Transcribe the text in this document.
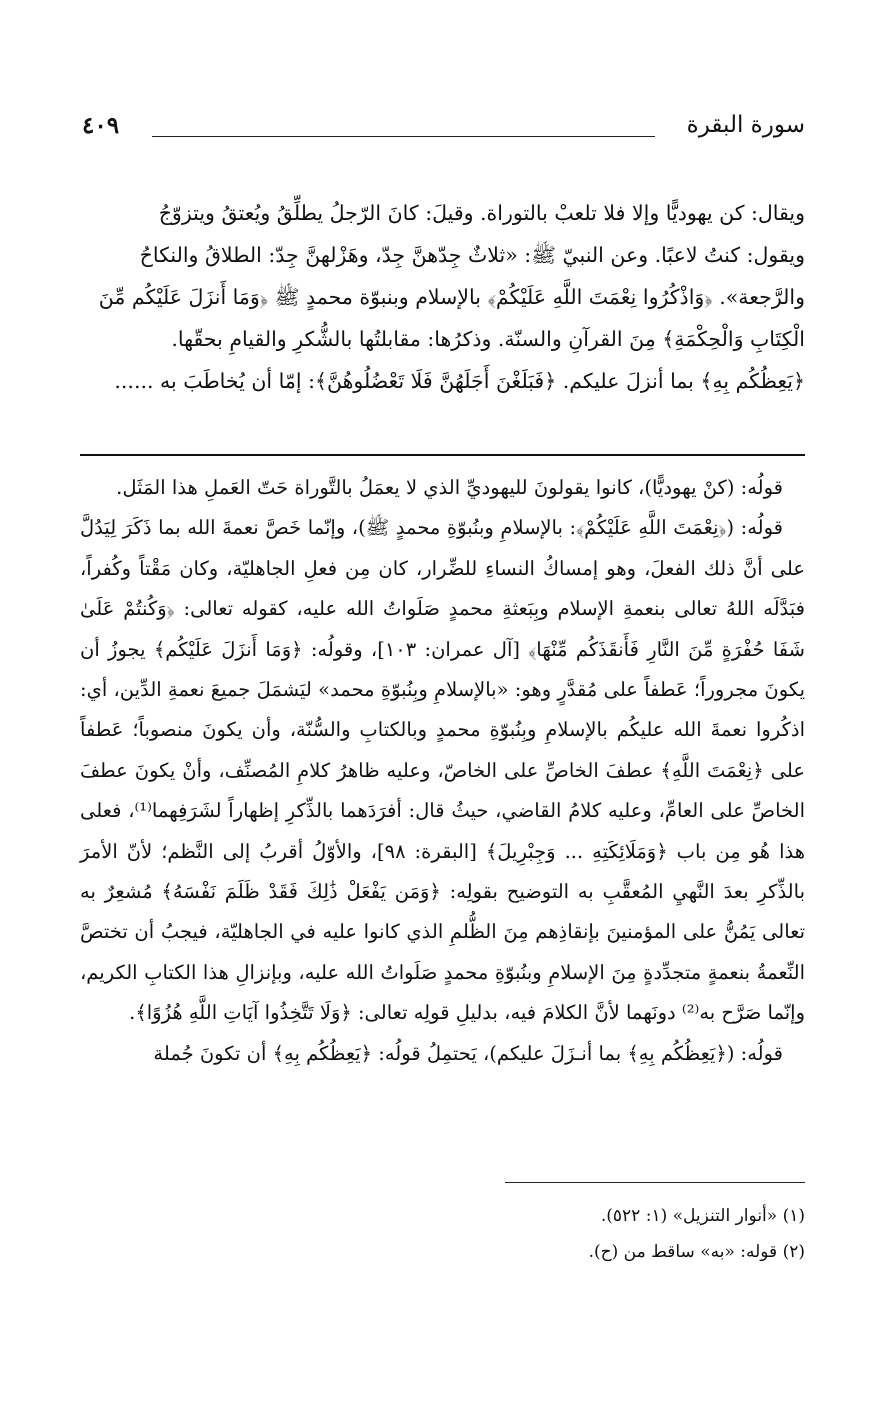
سورة البقرة
٤٠٩

ويقال: كن يهوديًّا وإلا فلا تلعبْ بالتوراة. وقيلَ: كانَ الرّجلُ يطلِّقُ ويُعتقُ ويتزوّجُ

ويقول: كنتُ لاعبًا. وعن النبيّ ﷺ: «ثلاثٌ جِدّهنَّ جِدّ، وهَزْلهنَّ جِدّ: الطلاقُ والنكاحُ

والرَّجعة». ﴿وَاذْكُرُوا نِعْمَتَ اللَّهِ عَلَيْكُمْ﴾ بالإسلام وبنبوّة محمدٍ ﷺ ﴿وَمَا أَنزَلَ عَلَيْكُم مِّنَ

الْكِتَابِ وَالْحِكْمَةِ﴾ مِنَ القرآنِ والسنّة. وذكرُها: مقابلتُها بالشُّكرِ والقيامِ بحقّها.

﴿يَعِظُكُم بِهِ﴾ بما أنزلَ عليكم. ﴿فَبَلَغْنَ أَجَلَهُنَّ فَلَا تَعْضُلُوهُنَّ﴾: إمّا أن يُخاطَبَ به ......

قولُه: (كنْ يهوديًّا)، كانوا يقولونَ لليهوديِّ الذي لا يعمَلُ بالتَّوراة حَتّ العَملِ هذا المَثَل.

قولُه: (﴿نِعْمَتَ اللَّهِ عَلَيْكُمْ﴾: بالإسلامِ وبنُبوّةِ محمدٍ ﷺ)، وإنّما خَصَّ نعمةَ الله بما ذَكَرَ لِيَدُلَّ على أنَّ ذلك الفعلَ، وهو إمساكُ النساءِ للضِّرار، كان مِن فعلِ الجاهليّة، وكان مَقْتاً وكُفراً، فبَدَّلَه اللهُ تعالى بنعمةِ الإسلام وبِبَعثةِ محمدٍ صَلَواتُ الله عليه، كقوله تعالى: ﴿وَكُنتُمْ عَلَىٰ شَفَا حُفْرَةٍ مِّنَ النَّارِ فَأَنقَذَكُم مِّنْهَا﴾ [آل عمران: ١٠٣]، وقولُه: ﴿وَمَا أَنزَلَ عَلَيْكُم﴾ يجوزُ أن يكونَ مجروراً؛ عَطفاً على مُقدَّرٍ وهو: «بالإسلامِ وبِنُبوّةِ محمد» ليَشمَلَ جميعَ نعمةِ الدِّين، أي: اذكُروا نعمةَ الله عليكُم بالإسلامِ وبِنُبوّةِ محمدٍ وبالكتابِ والسُّنّة، وأن يكونَ منصوباً؛ عَطفاً على ﴿نِعْمَتَ اللَّهِ﴾ عطفَ الخاصِّ على الخاصّ، وعليه ظاهرُ كلامِ المُصنِّف، وأنْ يكونَ عطفَ الخاصِّ على العامِّ، وعليه كلامُ القاضي، حيثُ قال: أفرَدَهما بالذِّكرِ إظهاراً لشَرَفِهما⁽¹⁾، فعلى هذا هُو مِن باب ﴿وَمَلَائِكَتِهِ ... وَجِبْرِيلَ﴾ [البقرة: ٩٨]، والأوّلُ أقربُ إلى النَّظم؛ لأنّ الأمرَ بالذِّكرِ بعدَ النَّهيِ المُعقَّبِ به التوضيح بقولِه: ﴿وَمَن يَفْعَلْ ذَٰلِكَ فَقَدْ ظَلَمَ نَفْسَهُ﴾ مُشعِرٌ به تعالى يَمُنُّ على المؤمنينَ بإنقاذِهم مِنَ الظُّلمِ الذي كانوا عليه في الجاهليّة، فيجبُ أن تختصَّ النِّعمةُ بنعمةٍ متجدِّدةٍ مِنَ الإسلامِ وبنُبوّةِ محمدٍ صَلَواتُ الله عليه، وبإنزالِ هذا الكتابِ الكريم، وإنّما صَرَّح به⁽²⁾ دونَهما لأنَّ الكلامَ فيه، بدليلِ قولِه تعالى: ﴿وَلَا تَتَّخِذُوا آيَاتِ اللَّهِ هُزُوًا﴾.

قولُه: (﴿يَعِظُكُم بِهِ﴾ بما أنـزَلَ عليكم)، يَحتمِلُ قولُه: ﴿يَعِظُكُم بِهِ﴾ أن تكونَ جُملة

(١) «أنوار التنزيل» (١: ٥٢٢).

(٢) قوله: «به» ساقط من (ح).
